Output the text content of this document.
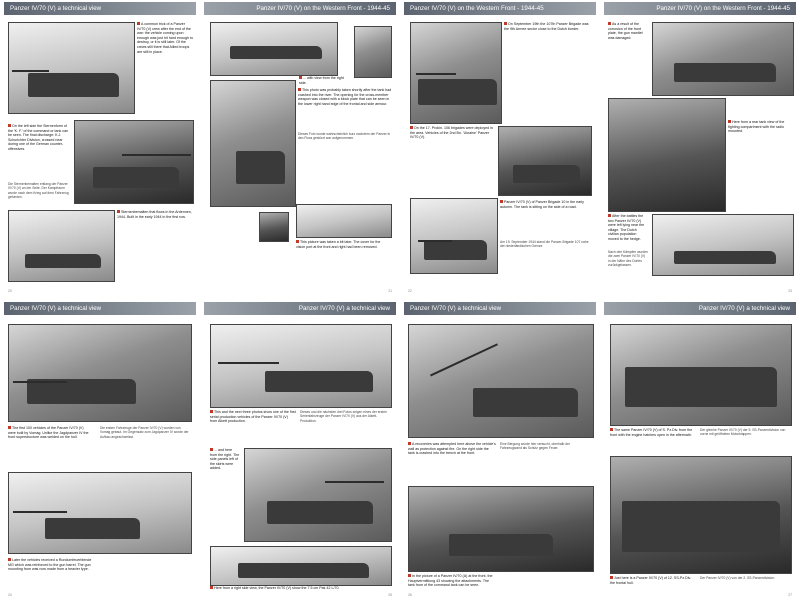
Panzer IV/70 (V) a technical view
A common trick of a Panzer IV/70 (V) crew after the end of the war: the vehicle coming upon enough was just hit hard enough to destroy, or it is still later. Of the crews still there that Allied troops are still in place.
On the left side the Sternenform of the 'K. F.' of the command or tank can be seen. The final discharge: K.J. Schurichter Division, crossed near during one of the German counter-offensives.
Die Sternenbemalten entlang der Panzer IV/70 (V) an der Seite. Der Kampfraum wurde nach dem Krieg auf dem Fahrzeug gefunden.
Sternenbemalten that flows in the Ardennen, 1944. Built in the early 1944 in the first row.
20
Panzer IV/70 (V) on the Western Front - 1944-45
... with view from the right side.
This photo was probably taken shortly after the tank had crashed into the river. The opening for the cross-member weapon was closed with a block plate that can be seen in the lower right hand edge of the frontal and side armour.
Dieses Foto wurde wahrscheinlich kurz nachdem der Panzer in den Fluss gestürzt war aufgenommen.
This picture was taken a bit later. The cover for the vision port at the front and right had been removed.
21
Panzer IV/70 (V) on the Western Front - 1944-45
On September 19th the 107th Panzer Brigade was the 9th Armee sector close to the Dutch border.
On the 17. Prokin. 106 brigades were deployed in the area. Vehicles of the 2nd Bn. 'Ukraine' Panzer IV/70 (V).
Panzer IV/70 (V) of Panzer Brigade 10 in the early autumn. The tank is sitting on the side of a road.
Am 19. September 1944 stand die Panzer-Brigade 107 nahe der niederländischen Grenze.
22
Panzer IV/70 (V) on the Western Front - 1944-45
As a result of the corrosion of the front plate, the gun mantlet was damaged.
Here from a rear tank view of the fighting compartment with the radio mounted.
After the battles the two Panzer IV/70 (V) were left lying near the village. The Dutch civilian population moved to the hedge.
Nach den Kämpfen wurden die zwei Panzer IV/70 (V) in der Nähe des Dorfes zurückgelassen.
23
Panzer IV/70 (V) a technical view
The first 100 vehicles of the Panzer IV/70 (V) were built by Vomag. Unlike the Jagdpanzer IV the front superstructure was welded on the hull.
Die ersten Fahrzeuge der Panzer IV/70 (V) wurden von Vomag gebaut. Im Gegensatz zum Jagdpanzer IV wurde der Aufbau angeschweisst.
Later the vehicles received a Rundumfeuerblende MG which was reinforced to the gun barrel. The gun mounting from was now made from a heavier type.
24
Panzer IV/70 (V) a technical view
This and the next three photos show one of the first serial production vehicles of the Panzer IV/70 (V) from Alkett production.
Dieses und die nächsten drei Fotos zeigen eines der ersten Serienfahrzeuge der Panzer IV/70 (V) aus der Alkett-Produktion.
... and here from the right. The side panels left of the skirts were added.
Here from a right side view, the Panzer IV/70 (V) show the 7.5 cm Pak 42 L/70.
25
Panzer IV/70 (V) a technical view
A recoveries was attempted here above the vehicle's wall as protection against fire. On the right side the tank is crashed into the trench at the front.
Eine Bergung wurde hier versucht, oberhalb der Fahrzeugwand als Schutz gegen Feuer.
In the picture of a Panzer IV/70 (A) at the front, the Hauptvermittlung 43 showing the attachments. The tank from of the command tank can be seen.
26
Panzer IV/70 (V) a technical view
The same Panzer IV/70 (V) of S. Pz.Div. from the front with the engine hatches open in the aftermath.
Der gleiche Panzer IV/70 (V) der 9. SS-Panzerdivision von vorne mit geöffneten Motorklappen.
Just here is a Panzer IV/70 (V) of 12. SS-Pz.Div. the frontal hull.
Der Panzer IV/70 (V) von der 2. SS-Panzerdivision.
27
